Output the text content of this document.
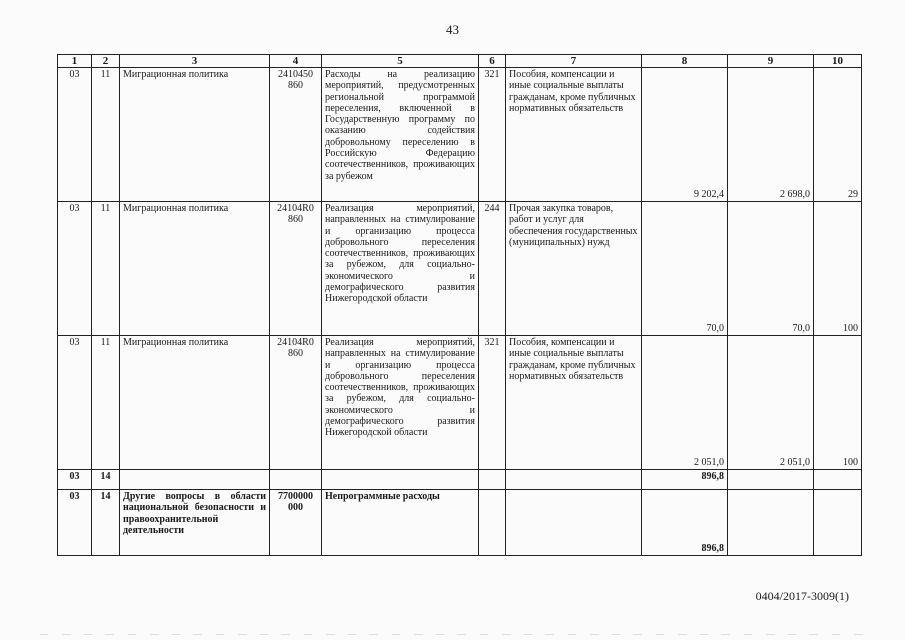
43
1	2	3	4	5	6	7	8	9	10
03	11	Миграционная политика	2410450 860	Расходы на реализацию мероприятий, предусмотренных региональной программой переселения, включенной в Государственную программу по оказанию содействия добровольному переселению в Российскую Федерацию соотечественников, проживающих за рубежом	321	Пособия, компенсации и иные социальные выплаты гражданам, кроме публичных нормативных обязательств	9 202,4	2 698,0	29
03	11	Миграционная политика	24104R0 860	Реализация мероприятий, направленных на стимулирование и организацию процесса добровольного переселения соотечественников, проживающих за рубежом, для социально-экономического и демографического развития Нижегородской области	244	Прочая закупка товаров, работ и услуг для обеспечения государственных (муниципальных) нужд	70,0	70,0	100
03	11	Миграционная политика	24104R0 860	Реализация мероприятий, направленных на стимулирование и организацию процесса добровольного переселения соотечественников, проживающих за рубежом, для социально-экономического и демографического развития Нижегородской области	321	Пособия, компенсации и иные социальные выплаты гражданам, кроме публичных нормативных обязательств	2 051,0	2 051,0	100
03	14						896,8		
03	14	Другие вопросы в области национальной безопасности и правоохранительной деятельности	7700000 000	Непрограммные расходы			896,8		
0404/2017-3009(1)
